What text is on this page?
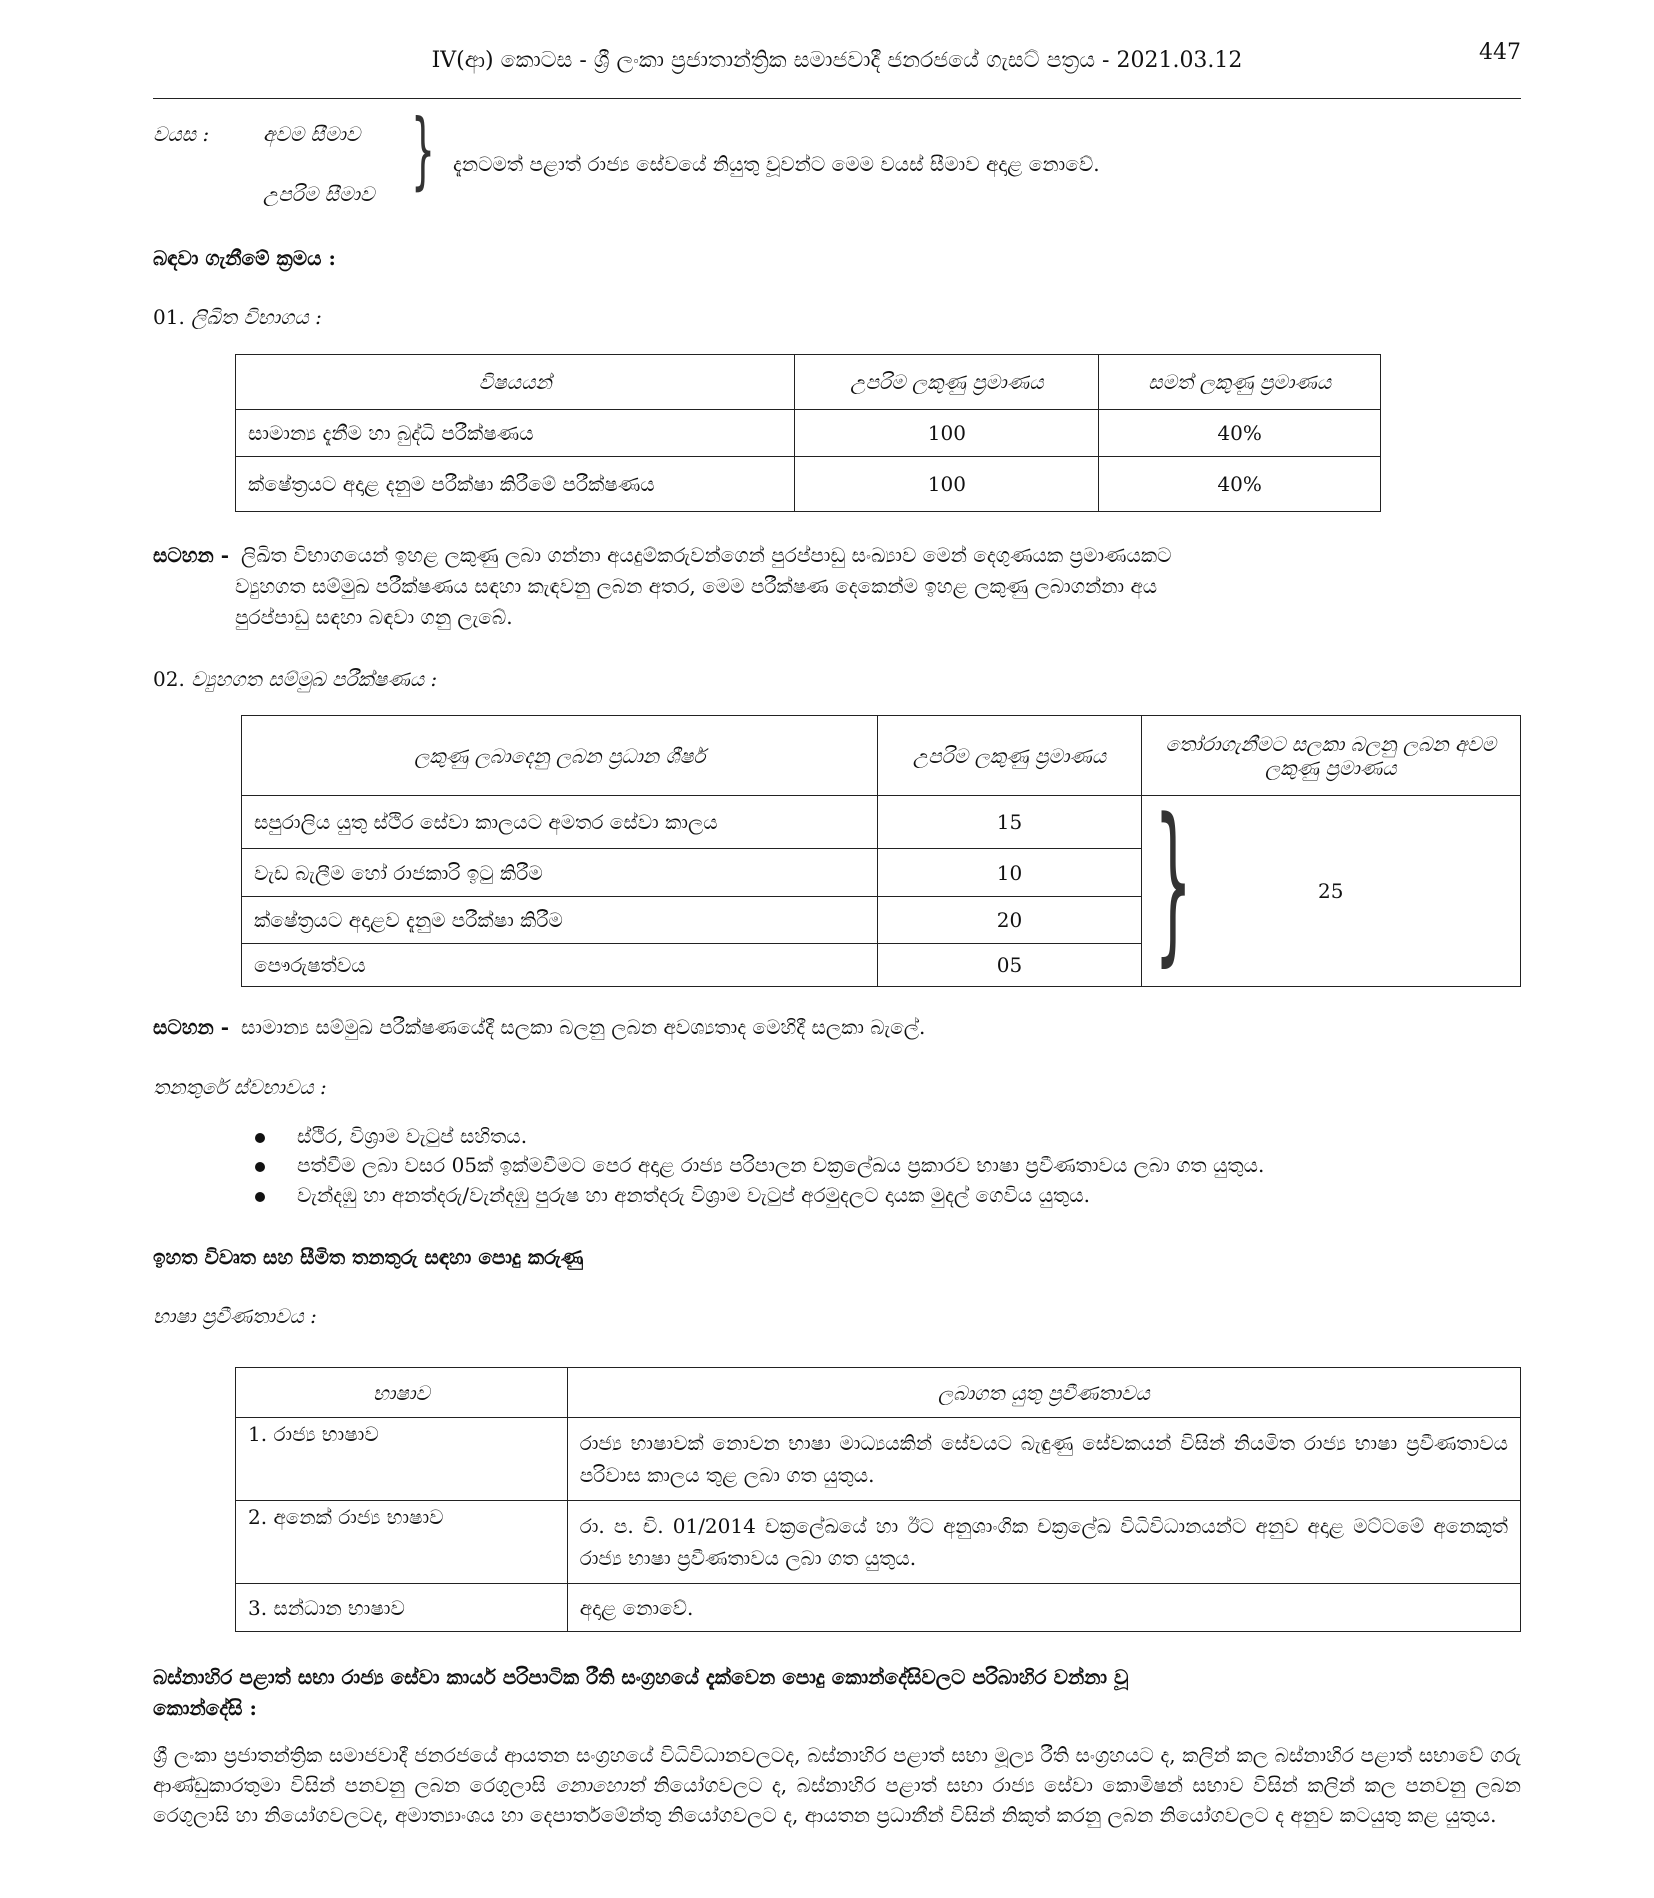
IV(ආ) කොටස - ශ්‍රී ලංකා ප්‍රජාතාන්ත්‍රික සමාජවාදී ජනරජයේ ගැසට් පත්‍රය - 2021.03.12	447
වයස :	අවම සීමාව
උපරිම සීමාව } දැනටමත් පළාත් රාජ්‍ය සේවයේ නියුතු වූවන්ට මෙම වයස් සීමාව අදාළ නොවේ.
බඳවා ගැනීමේ ක්‍රමය :
01. ලිඛිත විභාගය :
විෂයයන්	උපරිම ලකුණු ප්‍රමාණය	සමත් ලකුණු ප්‍රමාණය
සාමාන්‍ය දැනීම හා බුද්ධි පරීක්ෂණය	100	40%
ක්ෂේත්‍රයට අදාළ දනුම පරීක්ෂා කිරීමේ පරීක්ෂණය	100	40%
සටහන - ලිඛිත විභාගයෙන් ඉහළ ලකුණු ලබා ගන්නා අයදුම්කරුවන්ගෙන් පුරප්පාඩු සංඛ්‍යාව මෙන් දෙගුණයක ප්‍රමාණයකට
ව්‍යුහගත සම්මුඛ පරීක්ෂණය සඳහා කැඳවනු ලබන අතර, මෙම පරීක්ෂණ දෙකෙන්ම ඉහළ ලකුණු ලබාගන්නා අය
පුරප්පාඩු සඳහා බඳවා ගනු ලැබේ.
02. ව්‍යුහගත සම්මුඛ පරීක්ෂණය :
ලකුණු ලබාදෙනු ලබන ප්‍රධාන ශීර්ෂ	උපරිම ලකුණු ප්‍රමාණය	තෝරාගැනීමට සලකා බලනු ලබන අවම ලකුණු ප්‍රමාණය
සපුරාලිය යුතු ස්ථිර සේවා කාලයට අමතර සේවා කාලය	15	} 25
වැඩ බැලීම හෝ රාජකාරි ඉටු කිරීම	10	
ක්ෂේත්‍රයට අදාළව දැනුම පරීක්ෂා කිරීම	20	
පෞරුෂත්වය	05	
සටහන - සාමාන්‍ය සම්මුඛ පරීක්ෂණයේදී සලකා බලනු ලබන අවශ්‍යතාද මෙහිදී සලකා බැලේ.
තනතුරේ ස්වභාවය :
ස්ථිර, විශ්‍රාම වැටුප් සහිතය.
පත්වීම ලබා වසර 05ක් ඉක්මවීමට පෙර අදාළ රාජ්‍ය පරිපාලන චක්‍රලේඛය ප්‍රකාරව භාෂා ප්‍රවීණතාවය ලබා ගත යුතුය.
වැන්දඹු හා අනත්දරු/වැන්දඹු පුරුෂ හා අනත්දරු විශ්‍රාම වැටුප් අරමුදලට දායක මුදල් ගෙවිය යුතුය.
ඉහත විවෘත සහ සීමිත තනතුරු සඳහා පොදු කරුණු
භාෂා ප්‍රවීණතාවය :
භාෂාව	ලබාගත යුතු ප්‍රවීණතාවය
1. රාජ්‍ය භාෂාව	රාජ්‍ය භාෂාවක් නොවන භාෂා මාධ්‍යයකින් සේවයට බැඳුණු සේවකයන් විසින් නියමිත රාජ්‍ය භාෂා ප්‍රවීණතාවය පරිවාස කාලය තුළ ලබා ගත යුතුය.
2. අනෙක් රාජ්‍ය භාෂාව	රා. ප. චි. 01/2014 චක්‍රලේඛයේ හා ඊට අනුශාංගික චක්‍රලේඛ විධිවිධානයන්ට අනුව අදාළ මට්ටමේ අනෙකුත් රාජ්‍ය භාෂා ප්‍රවීණතාවය ලබා ගත යුතුය.
3. සන්ධාන භාෂාව	අදාළ නොවේ.
බස්නාහිර පළාත් සභා රාජ්‍ය සේවා කාර්ය පරිපාටික රීති සංග්‍රහයේ දැක්වෙන පොදු කොන්දේසිවලට පරිබාහිර වන්නා වූ
කොන්දේසි :
ශ්‍රී ලංකා ප්‍රජාතන්ත්‍රික සමාජවාදී ජනරජයේ ආයතන සංග්‍රහයේ විධිවිධානවලටද, බස්නාහිර පළාත් සභා මූල්‍ය රීති සංග්‍රහයට ද, කලින් කල බස්නාහිර පළාත් සභාවේ ගරු ආණ්ඩුකාරතුමා විසින් පනවනු ලබන රෙගුලාසි නොහොත් නියෝගවලට ද, බස්නාහිර පළාත් සභා රාජ්‍ය සේවා කොමිෂන් සභාව විසින් කලින් කල පනවනු ලබන රෙගුලාසි හා නියෝගවලටද, අමාත්‍යාංශය හා දෙපාර්තමේන්තු නියෝගවලට ද, ආයතන ප්‍රධානීන් විසින් නිකුත් කරනු ලබන නියෝගවලට ද අනුව කටයුතු කළ යුතුය.
